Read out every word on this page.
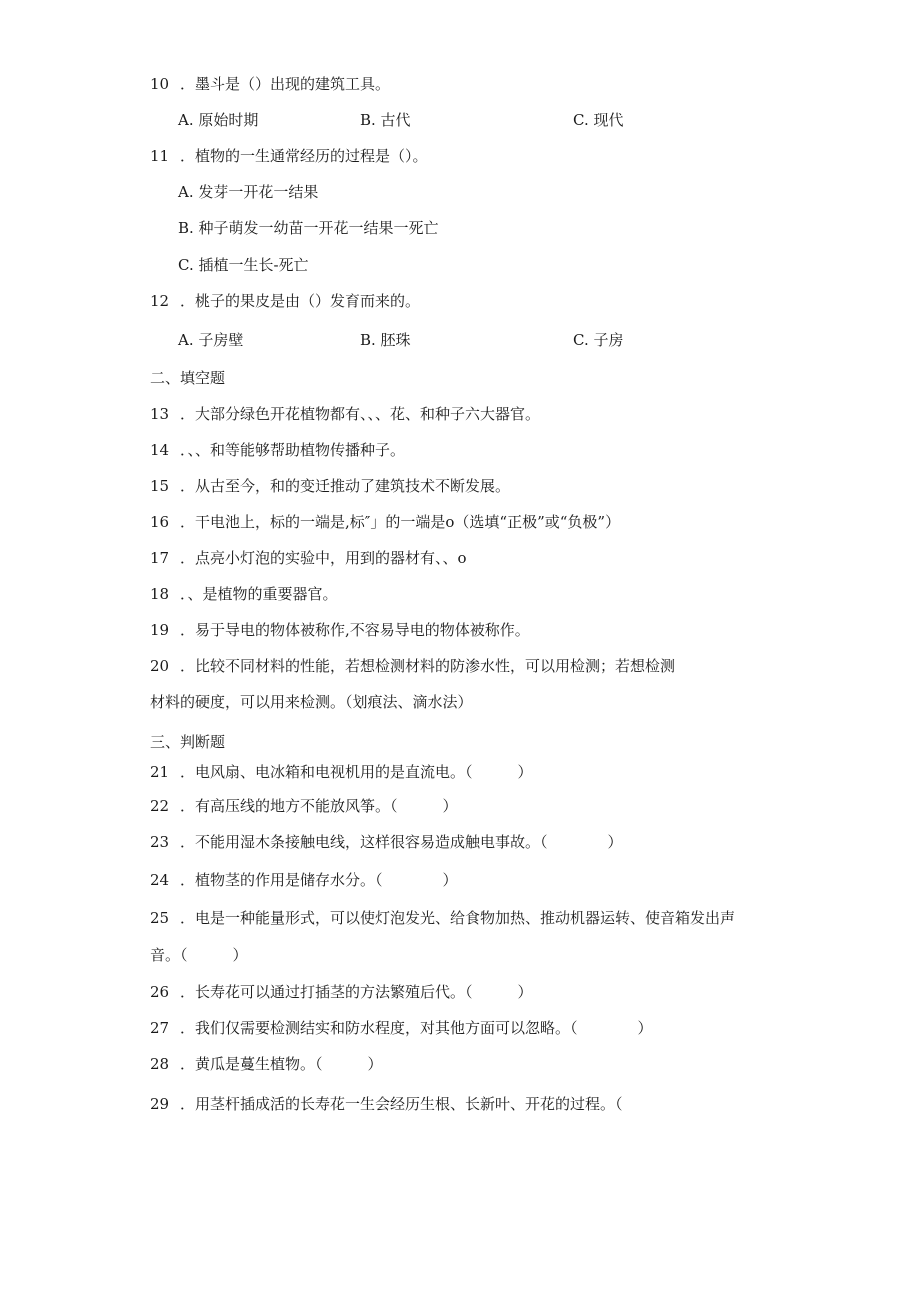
10 ．墨斗是（）出现的建筑工具。
A. 原始时期	B. 古代	C. 现代
11 ．植物的一生通常经历的过程是（）。
A. 发芽一开花一结果
B. 种子萌发一幼苗一开花一结果一死亡
C. 插植一生长-死亡
12 ．桃子的果皮是由（）发育而来的。
A. 子房壁	B. 胚珠	C. 子房
二、填空题
13 ．大部分绿色开花植物都有、、、花、和种子六大器官。
14 ．、、和等能够帮助植物传播种子。
15 ．从古至今，和的变迁推动了建筑技术不断发展。
16 ．干电池上，标的一端是,标″」的一端是o（选填“正极”或“负极”）
17 ．点亮小灯泡的实验中，用到的器材有、、o
18 ．、是植物的重要器官。
19 ．易于导电的物体被称作,不容易导电的物体被称作。
20 ．比较不同材料的性能，若想检测材料的防渗水性，可以用检测；若想检测
材料的硬度，可以用来检测。（划痕法、滴水法）
三、判断题
21 ．电风扇、电冰箱和电视机用的是直流电。（　　　）
22 ．有高压线的地方不能放风筝。（　　　）
23 ．不能用湿木条接触电线，这样很容易造成触电事故。（　　　　）
24 ．植物茎的作用是储存水分。（　　　　）
25 ．电是一种能量形式，可以使灯泡发光、给食物加热、推动机器运转、使音箱发出声
音。（　　　）
26 ．长寿花可以通过打插茎的方法繁殖后代。（　　　）
27 ．我们仅需要检测结实和防水程度，对其他方面可以忽略。（　　　　）
28 ．黄瓜是蔓生植物。（　　　）
29 ．用茎杆插成活的长寿花一生会经历生根、长新叶、开花的过程。（
